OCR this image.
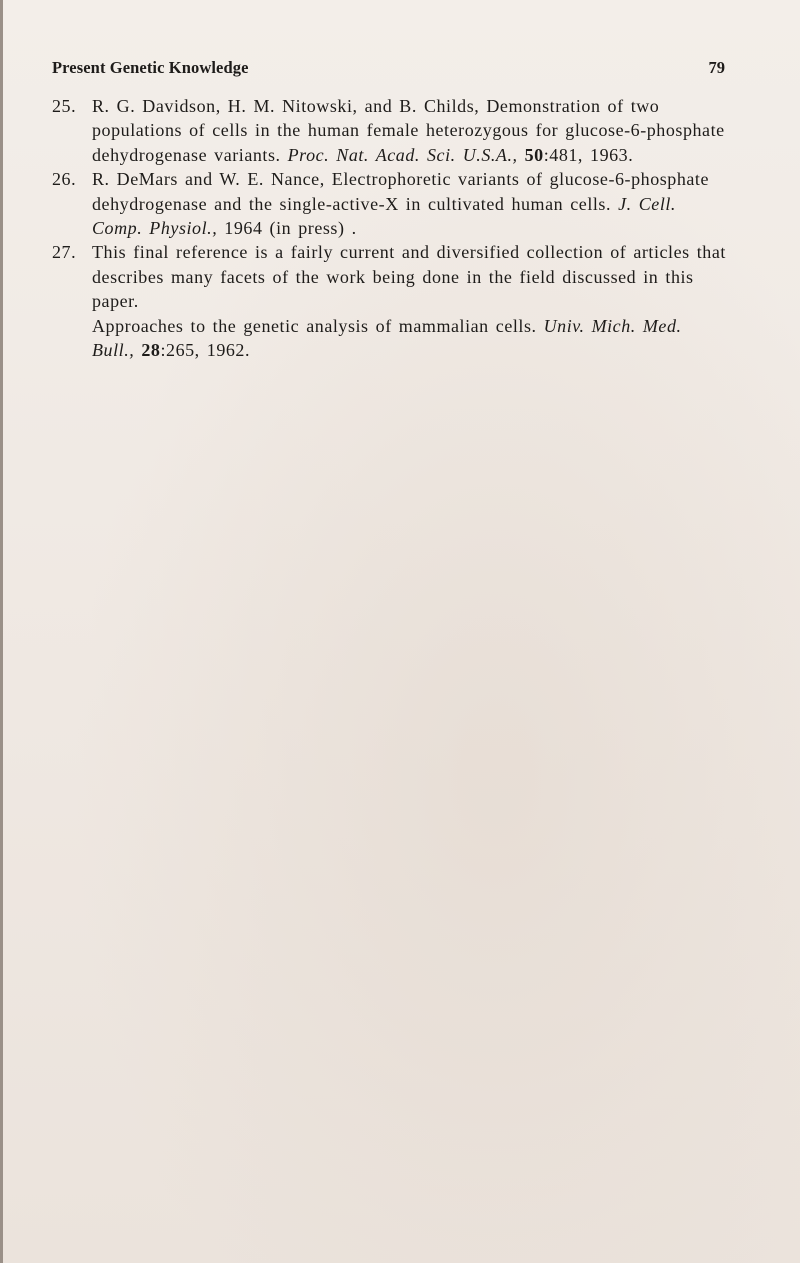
Present Genetic Knowledge	79
25. R. G. Davidson, H. M. Nitowski, and B. Childs, Demonstration of two populations of cells in the human female heterozygous for glucose-6-phosphate dehydrogenase variants. Proc. Nat. Acad. Sci. U.S.A., 50:481, 1963.

26. R. DeMars and W. E. Nance, Electrophoretic variants of glucose-6-phosphate dehydrogenase and the single-active-X in cultivated human cells. J. Cell. Comp. Physiol., 1964 (in press) .

27. This final reference is a fairly current and diversified collection of articles that describes many facets of the work being done in the field discussed in this paper.

Approaches to the genetic analysis of mammalian cells. Univ. Mich. Med. Bull., 28:265, 1962.
